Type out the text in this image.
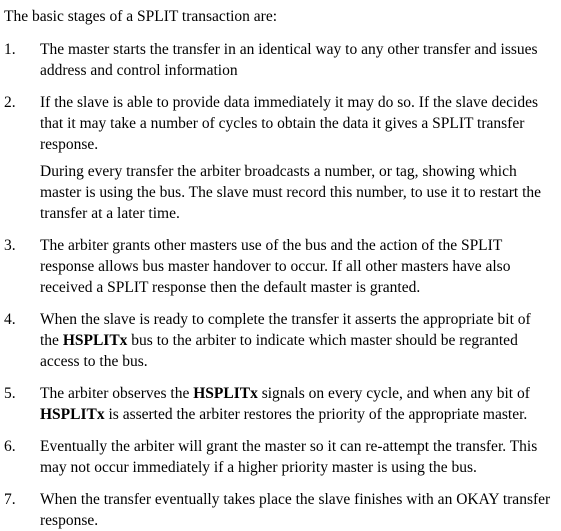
The basic stages of a SPLIT transaction are:

1.	The master starts the transfer in an identical way to any other transfer and issues address and control information

2.	If the slave is able to provide data immediately it may do so. If the slave decides that it may take a number of cycles to obtain the data it gives a SPLIT transfer response.

During every transfer the arbiter broadcasts a number, or tag, showing which master is using the bus. The slave must record this number, to use it to restart the transfer at a later time.

3.	The arbiter grants other masters use of the bus and the action of the SPLIT response allows bus master handover to occur. If all other masters have also received a SPLIT response then the default master is granted.

4.	When the slave is ready to complete the transfer it asserts the appropriate bit of the HSPLITx bus to the arbiter to indicate which master should be regranted access to the bus.

5.	The arbiter observes the HSPLITx signals on every cycle, and when any bit of HSPLITx is asserted the arbiter restores the priority of the appropriate master.

6.	Eventually the arbiter will grant the master so it can re-attempt the transfer. This may not occur immediately if a higher priority master is using the bus.

7.	When the transfer eventually takes place the slave finishes with an OKAY transfer response.
